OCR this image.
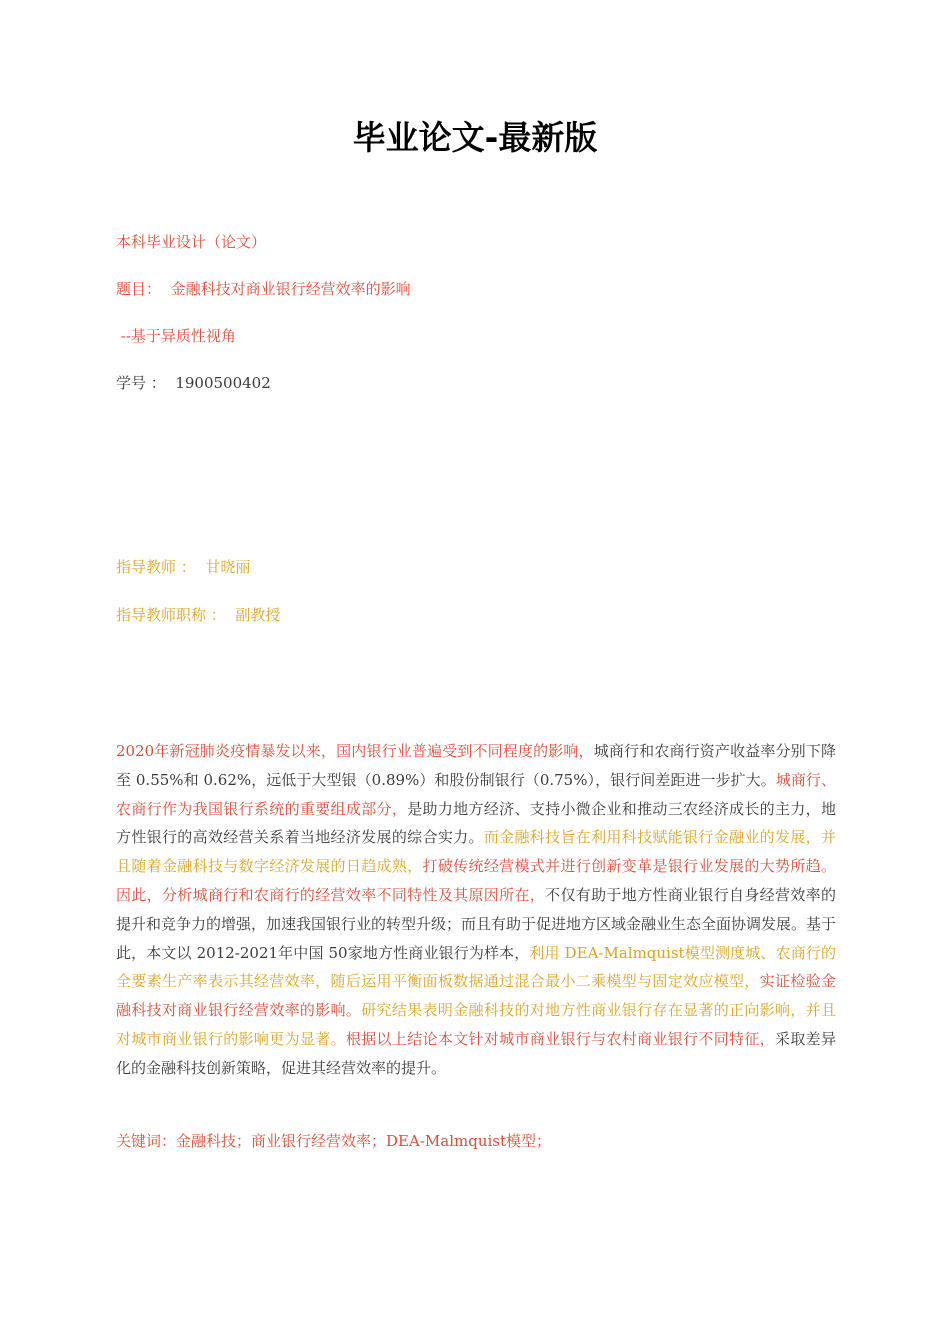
毕业论文-最新版
本科毕业设计（论文）
题目： 金融科技对商业银行经营效率的影响
--基于异质性视角
学号 ： 1900500402
指导教师 ： 甘晓丽
指导教师职称 ： 副教授
2020年新冠肺炎疫情暴发以来，国内银行业普遍受到不同程度的影响，城商行和农商行资产收益率分别下降至 0.55%和 0.62%，远低于大型银（0.89%）和股份制银行（0.75%），银行间差距进一步扩大。城商行、农商行作为我国银行系统的重要组成部分，是助力地方经济、支持小微企业和推动三农经济成长的主力，地方性银行的高效经营关系着当地经济发展的综合实力。而金融科技旨在利用科技赋能银行金融业的发展，并且随着金融科技与数字经济发展的日趋成熟，打破传统经营模式并进行创新变革是银行业发展的大势所趋。因此，分析城商行和农商行的经营效率不同特性及其原因所在，不仅有助于地方性商业银行自身经营效率的提升和竞争力的增强，加速我国银行业的转型升级；而且有助于促进地方区域金融业生态全面协调发展。基于此，本文以 2012-2021年中国 50家地方性商业银行为样本，利用 DEA-Malmquist模型测度城、农商行的全要素生产率表示其经营效率，随后运用平衡面板数据通过混合最小二乘模型与固定效应模型，实证检验金融科技对商业银行经营效率的影响。研究结果表明金融科技的对地方性商业银行存在显著的正向影响，并且对城市商业银行的影响更为显著。根据以上结论本文针对城市商业银行与农村商业银行不同特征，采取差异化的金融科技创新策略，促进其经营效率的提升。
关键词：金融科技；商业银行经营效率；DEA-Malmquist模型；
